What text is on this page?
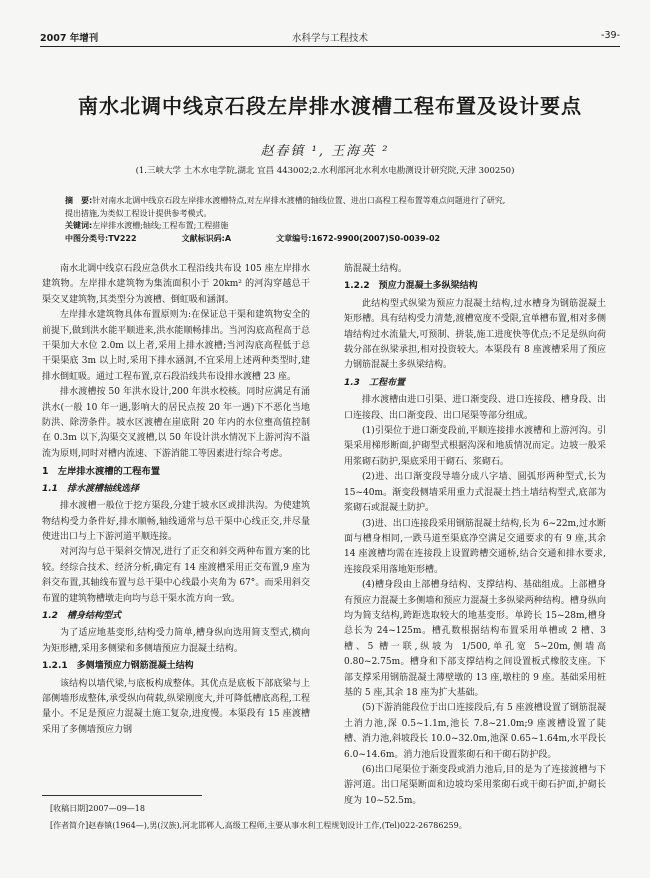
2007 年增刊	水科学与工程技术	-39-
南水北调中线京石段左岸排水渡槽工程布置及设计要点
赵春镇 ¹, 王海英 ²
(1.三峡大学 土木水电学院,湖北 宜昌 443002;2.水利部河北水利水电勘测设计研究院,天津 300250)

摘　要:针对南水北调中线京石段左岸排水渡槽特点,对左岸排水渡槽的轴线位置、进出口高程工程布置等难点问题进行了研究,

提出措施,为类似工程设计提供参考模式。

关键词:左岸排水渡槽;轴线;工程布置;工程措施

中图分类号:TV222	文献标识码:A	文章编号:1672-9900(2007)S0-0039-02

南水北调中线京石段应急供水工程沿线共布设 105 座左岸排水建筑物。左岸排水建筑物为集流面积小于 20km² 的河沟穿越总干渠交叉建筑物,其类型分为渡槽、倒虹吸和涵洞。

左岸排水建筑物具体布置原则为:在保证总干渠和建筑物安全的前提下,做到洪水能平顺进来,洪水能顺畅排出。当河沟底高程高于总干渠加大水位 2.0m 以上者,采用上排水渡槽;当河沟底高程低于总干渠渠底 3m 以上时,采用下排水涵洞,不宜采用上述两种类型时,建排水倒虹吸。通过工程布置,京石段沿线共布设排水渡槽 23 座。

排水渡槽按 50 年洪水设计,200 年洪水校核。同时应满足有涌洪水(一般 10 年一遇,影响大的居民点按 20 年一遇)下不恶化当地防洪、除涝条件。坡水区渡槽在崖底附 20 年内的水位壅高值控制在 0.3m 以下,沟渠交叉渡槽,以 50 年设计洪水情况下上游河沟不溢流为原则,同时对槽内流速、下游消能工等因素进行综合考虑。

1　左岸排水渡槽的工程布置
1.1　排水渡槽轴线选择

排水渡槽一般位于挖方渠段,分建于坡水区或排洪沟。为使建筑物结构受力条件好,排水顺畅,轴线通常与总干渠中心线正交,并尽量使进出口与上下游河道平顺连接。

对河沟与总干渠斜交情况,进行了正交和斜交两种布置方案的比较。经综合技术、经济分析,确定有 14 座渡槽采用正交布置,9 座为斜交布置,其轴线布置与总干渠中心线最小夹角为 67°。而采用斜交布置的建筑物槽墩走向均与总干渠水流方向一致。

1.2　槽身结构型式

为了适应地基变形,结构受力简单,槽身纵向选用简支型式,横向为矩形槽,采用多侧梁和多侧墙预应力混凝土结构。

1.2.1　多侧墙预应力钢筋混凝土结构

该结构以墙代梁,与底板构成整体。其优点是底板下部底梁与上部侧墙形成整体,承受纵向荷载,纵梁刚度大,并可降低槽底高程,工程量小。不足是预应力混凝土施工复杂,进度慢。本渠段有 15 座渡槽采用了多侧墙预应力钢

筋混凝土结构。

1.2.2　预应力混凝土多纵梁结构

此结构型式纵梁为预应力混凝土结构,过水槽身为钢筋混凝土矩形槽。具有结构受力清楚,渡槽宽度不受限,宜单槽布置,相对多侧墙结构过水流量大,可预制、拼装,施工进度快等优点;不足是纵向荷载分部在纵梁承担,相对投资较大。本渠段有 8 座渡槽采用了预应力钢筋混凝土多纵梁结构。

1.3　工程布置

排水渡槽由进口引渠、进口渐变段、进口连接段、槽身段、出口连接段、出口渐变段、出口尾渠等部分组成。

(1)引渠位于进口渐变段前,平顺连接排水渡槽和上游河沟。引渠采用梯形断面,护砌型式根据沟深和地质情况而定。边坡一般采用浆砌石防护,渠底采用干砌石、浆砌石。

(2)进、出口渐变段导墙分成八字墙、圆弧形两种型式,长为 15~40m。渐变段侧墙采用重力式混凝土挡土墙结构型式,底部为浆砌石或混凝土防护。

(3)进、出口连接段采用钢筋混凝土结构,长为 6~22m,过水断面与槽身相同,一跌马道至渠底净空满足交通要求的有 9 座,其余 14 座渡槽均需在连接段上设置跨槽交通桥,结合交通和排水要求,连接段采用落地矩形槽。

(4)槽身段由上部槽身结构、支撑结构、基础组成。上部槽身有预应力混凝土多侧墙和预应力混凝土多纵梁两种结构。槽身纵向均为简支结构,跨距选取较大的地基变形。单跨长 15~28m,槽身总长为 24~125m。槽孔数根据结构布置采用单槽或 2 槽、3 槽、5 槽一联,纵坡为 1/500,单孔宽 5~20m,侧墙高 0.80~2.75m。槽身和下部支撑结构之间设置板式橡胶支座。下部支撑采用钢筋混凝土薄壁墩的 13 座,墩柱的 9 座。基础采用桩基的 5 座,其余 18 座为扩大基础。

(5)下游消能段位于出口连接段后,有 5 座渡槽设置了钢筋混凝土消力池,深 0.5~1.1m,池长 7.8~21.0m;9 座渡槽设置了陡槽、消力池,斜坡段长 10.0~32.0m,池深 0.65~1.64m,水平段长 6.0~14.6m。消力池后设置浆砌石和干砌石防护段。

(6)出口尾渠位于渐变段或消力池后,目的是为了连接渡槽与下游河道。出口尾渠断面和边坡均采用浆砌石或干砌石护面,护砌长度为 10~52.5m。

[收稿日期]2007—09—18
[作者简介]赵春镇(1964—),男(汉族),河北邯郸人,高级工程师,主要从事水利工程规划设计工作,(Tel)022-26786259。
